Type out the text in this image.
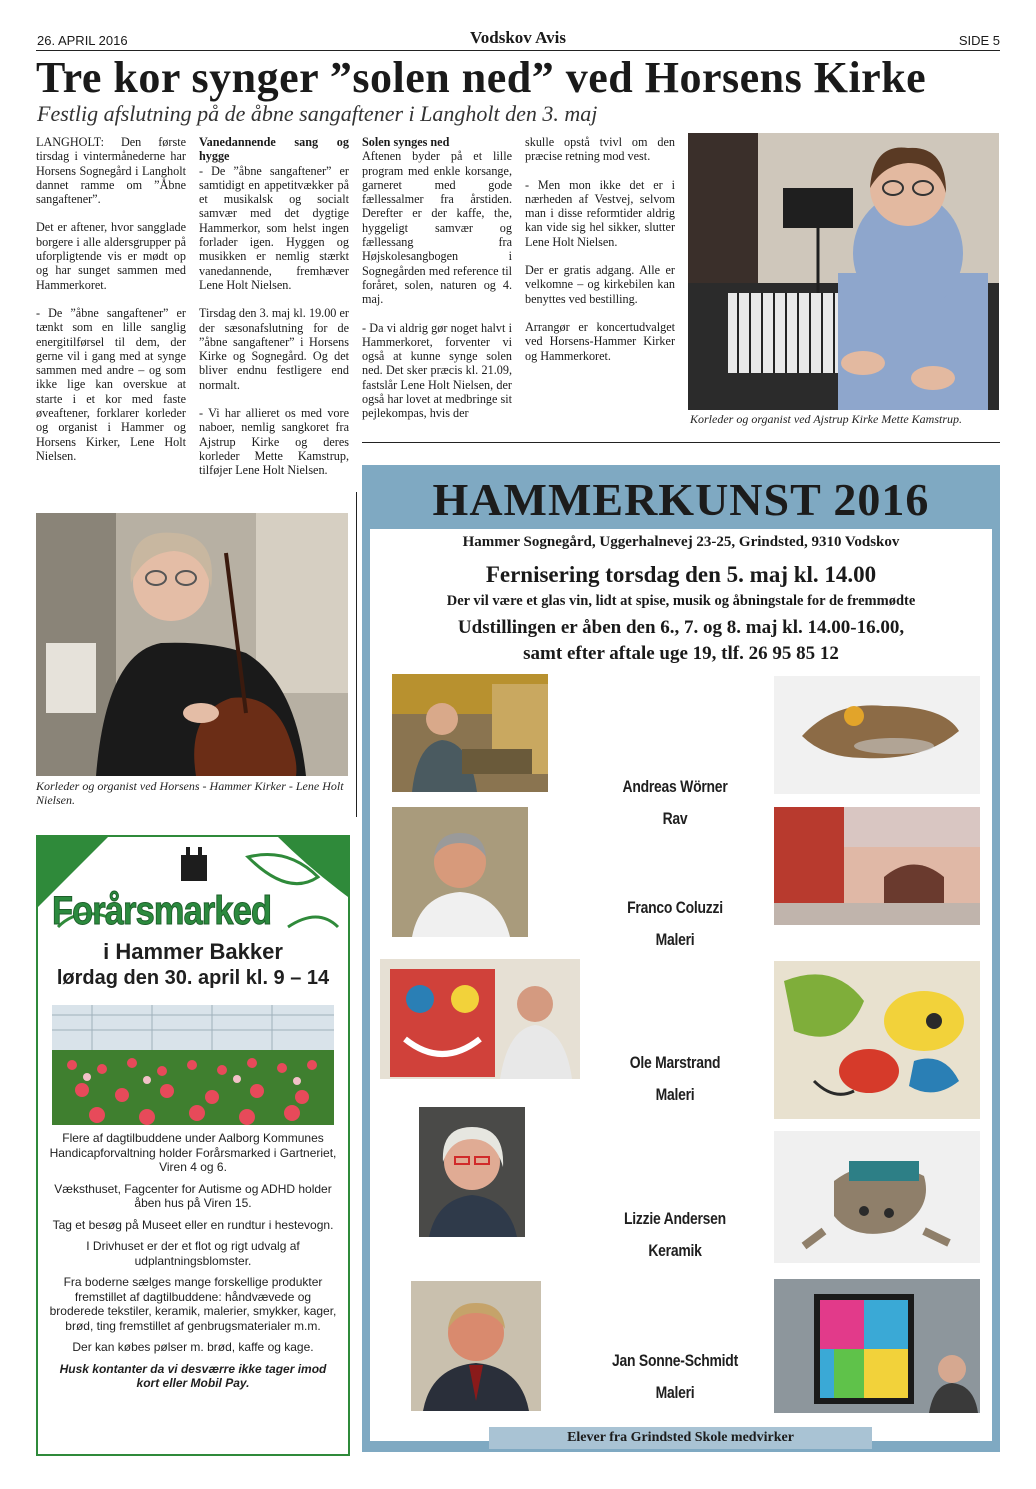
26. APRIL 2016	Vodskov Avis	SIDE 5
Tre kor synger ”solen ned” ved Horsens Kirke
Festlig afslutning på de åbne sangaftener i Langholt den 3. maj

LANGHOLT: Den første tirsdag i vintermånederne har Horsens Sognegård i Langholt dannet ramme om ”Åbne sangaftener”.

Det er aftener, hvor sangglade borgere i alle aldersgrupper på uforpligtende vis er mødt op og har sunget sammen med Hammerkoret.

- De ”åbne sangaftener” er tænkt som en lille sanglig energitilførsel til dem, der gerne vil i gang med at synge sammen med andre – og som ikke lige kan overskue at starte i et kor med faste øveaftener, forklarer korleder og organist i Hammer og Horsens Kirker, Lene Holt Nielsen.

Vanedannende sang og hygge

- De ”åbne sangaftener” er samtidigt en appetitvækker på et musikalsk og socialt samvær med det dygtige Hammerkor, som helst ingen forlader igen. Hyggen og musikken er nemlig stærkt vanedannende, fremhæver Lene Holt Nielsen.

Tirsdag den 3. maj kl. 19.00 er der sæsonafslutning for de ”åbne sangaftener” i Horsens Kirke og Sognegård. Og det bliver endnu festligere end normalt.

- Vi har allieret os med vore naboer, nemlig sangkoret fra Ajstrup Kirke og deres korleder Mette Kamstrup, tilføjer Lene Holt Nielsen.

Solen synges ned

Aftenen byder på et lille program med enkle korsange, garneret med gode fællessalmer fra årstiden. Derefter er der kaffe, the, hyggeligt samvær og fællessang fra Højskolesangbogen i Sognegården med reference til foråret, solen, naturen og 4. maj.

- Da vi aldrig gør noget halvt i Hammerkoret, forventer vi også at kunne synge solen ned. Det sker præcis kl. 21.09, fastslår Lene Holt Nielsen, der også har lovet at medbringe sit pejlekompas, hvis der

skulle opstå tvivl om den præcise retning mod vest.

- Men mon ikke det er i nærheden af Vestvej, selvom man i disse reformtider aldrig kan vide sig hel sikker, slutter Lene Holt Nielsen.

Der er gratis adgang. Alle er velkomne – og kirkebilen kan benyttes ved bestilling.

Arrangør er koncertudvalget ved Horsens-Hammer Kirker og Hammerkoret.

Korleder og organist ved Ajstrup Kirke Mette Kamstrup.
Korleder og organist ved Horsens - Hammer Kirker - Lene Holt Nielsen.
HAMMERKUNST 2016
Hammer Sognegård, Uggerhalnevej 23-25, Grindsted, 9310 Vodskov
Fernisering torsdag den 5. maj kl. 14.00
Der vil være et glas vin, lidt at spise, musik og åbningstale for de fremmødte
Udstillingen er åben den 6., 7. og 8. maj kl. 14.00-16.00,
samt efter aftale uge 19, tlf. 26 95 85 12
Andreas Wörner
Rav
Franco Coluzzi
Maleri
Ole Marstrand
Maleri
Lizzie Andersen
Keramik
Jan Sonne-Schmidt
Maleri
Elever fra Grindsted Skole medvirker
Forårsmarked
i Hammer Bakker
lørdag den 30. april kl. 9 – 14

Flere af dagtilbuddene under Aalborg Kommunes Handicapforvaltning holder Forårsmarked i Gartneriet, Viren 4 og 6.

Væksthuset, Fagcenter for Autisme og ADHD holder åben hus på Viren 15.

Tag et besøg på Museet eller en rundtur i hestevogn.

I Drivhuset er der et flot og rigt udvalg af udplantningsblomster.

Fra boderne sælges mange forskellige produkter fremstillet af dagtilbuddene: håndvævede og broderede tekstiler, keramik, malerier, smykker, kager, brød, ting fremstillet af genbrugsmaterialer m.m.

Der kan købes pølser m. brød, kaffe og kage.

Husk kontanter da vi desværre ikke tager imod kort eller Mobil Pay.
